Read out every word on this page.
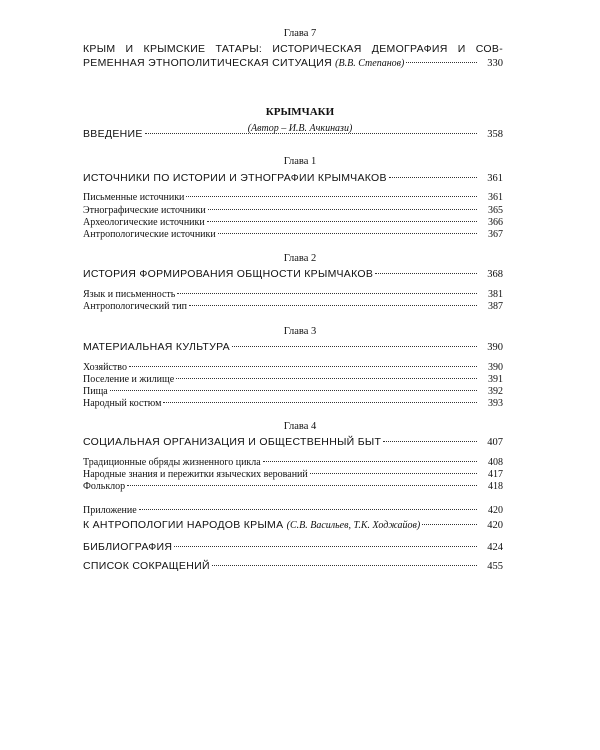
Глава 7
КРЫМ И КРЫМСКИЕ ТАТАРЫ: ИСТОРИЧЕСКАЯ ДЕМОГРАФИЯ И СОВ-
РЕМЕННАЯ ЭТНОПОЛИТИЧЕСКАЯ СИТУАЦИЯ
(В.В. Степанов)	330
КРЫМЧАКИ
(Автор – И.В. Ачкинази)
ВВЕДЕНИЕ	358
Глава 1
ИСТОЧНИКИ ПО ИСТОРИИ И ЭТНОГРАФИИ КРЫМЧАКОВ	361
Письменные источники	361
Этнографические источники	365
Археологические источники	366
Антропологические источники	367
Глава 2
ИСТОРИЯ ФОРМИРОВАНИЯ ОБЩНОСТИ КРЫМЧАКОВ	368
Язык и письменность	381
Антропологический тип	387
Глава 3
МАТЕРИАЛЬНАЯ КУЛЬТУРА	390
Хозяйство	390
Поселение и жилище	391
Пища	392
Народный костюм	393
Глава 4
СОЦИАЛЬНАЯ ОРГАНИЗАЦИЯ И ОБЩЕСТВЕННЫЙ БЫТ	407
Традиционные обряды жизненного цикла	408
Народные знания и пережитки языческих верований	417
Фольклор	418
Приложение	420
К АНТРОПОЛОГИИ НАРОДОВ КРЫМА (С.В. Васильев, Т.К. Ходжайов)	420
БИБЛИОГРАФИЯ	424
СПИСОК СОКРАЩЕНИЙ	455
